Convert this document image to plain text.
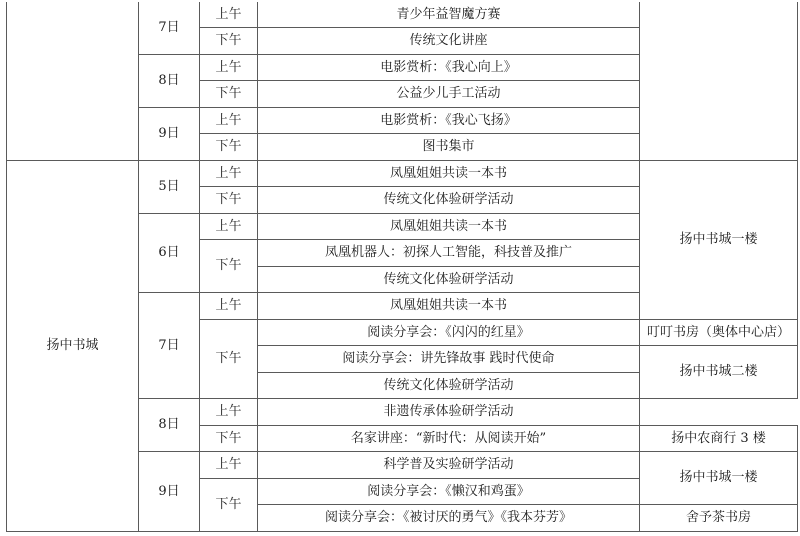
	7日	上午	青少年益智魔方赛	
		下午	传统文化讲座	
	8日	上午	电影赏析：《我心向上》	
		下午	公益少儿手工活动	
	9日	上午	电影赏析：《我心飞扬》	
		下午	图书集市	
扬中书城	5日	上午	凤凰姐姐共读一本书	扬中书城一楼
		下午	传统文化体验研学活动	
	6日	上午	凤凰姐姐共读一本书	
		下午	凤凰机器人：初探人工智能，科技普及推广	
			传统文化体验研学活动	
	7日	上午	凤凰姐姐共读一本书	
		下午	阅读分享会：《闪闪的红星》	叮叮书房（奥体中心店）
			阅读分享会：讲先锋故事 践时代使命	扬中书城二楼
			传统文化体验研学活动	
	8日	上午	非遗传承体验研学活动	
		下午	名家讲座：“新时代：从阅读开始”	扬中农商行 3 楼
	9日	上午	科学普及实验研学活动	扬中书城一楼
		下午	阅读分享会：《懒汉和鸡蛋》	
			阅读分享会：《被讨厌的勇气》《我本芬芳》	舍予茶书房
